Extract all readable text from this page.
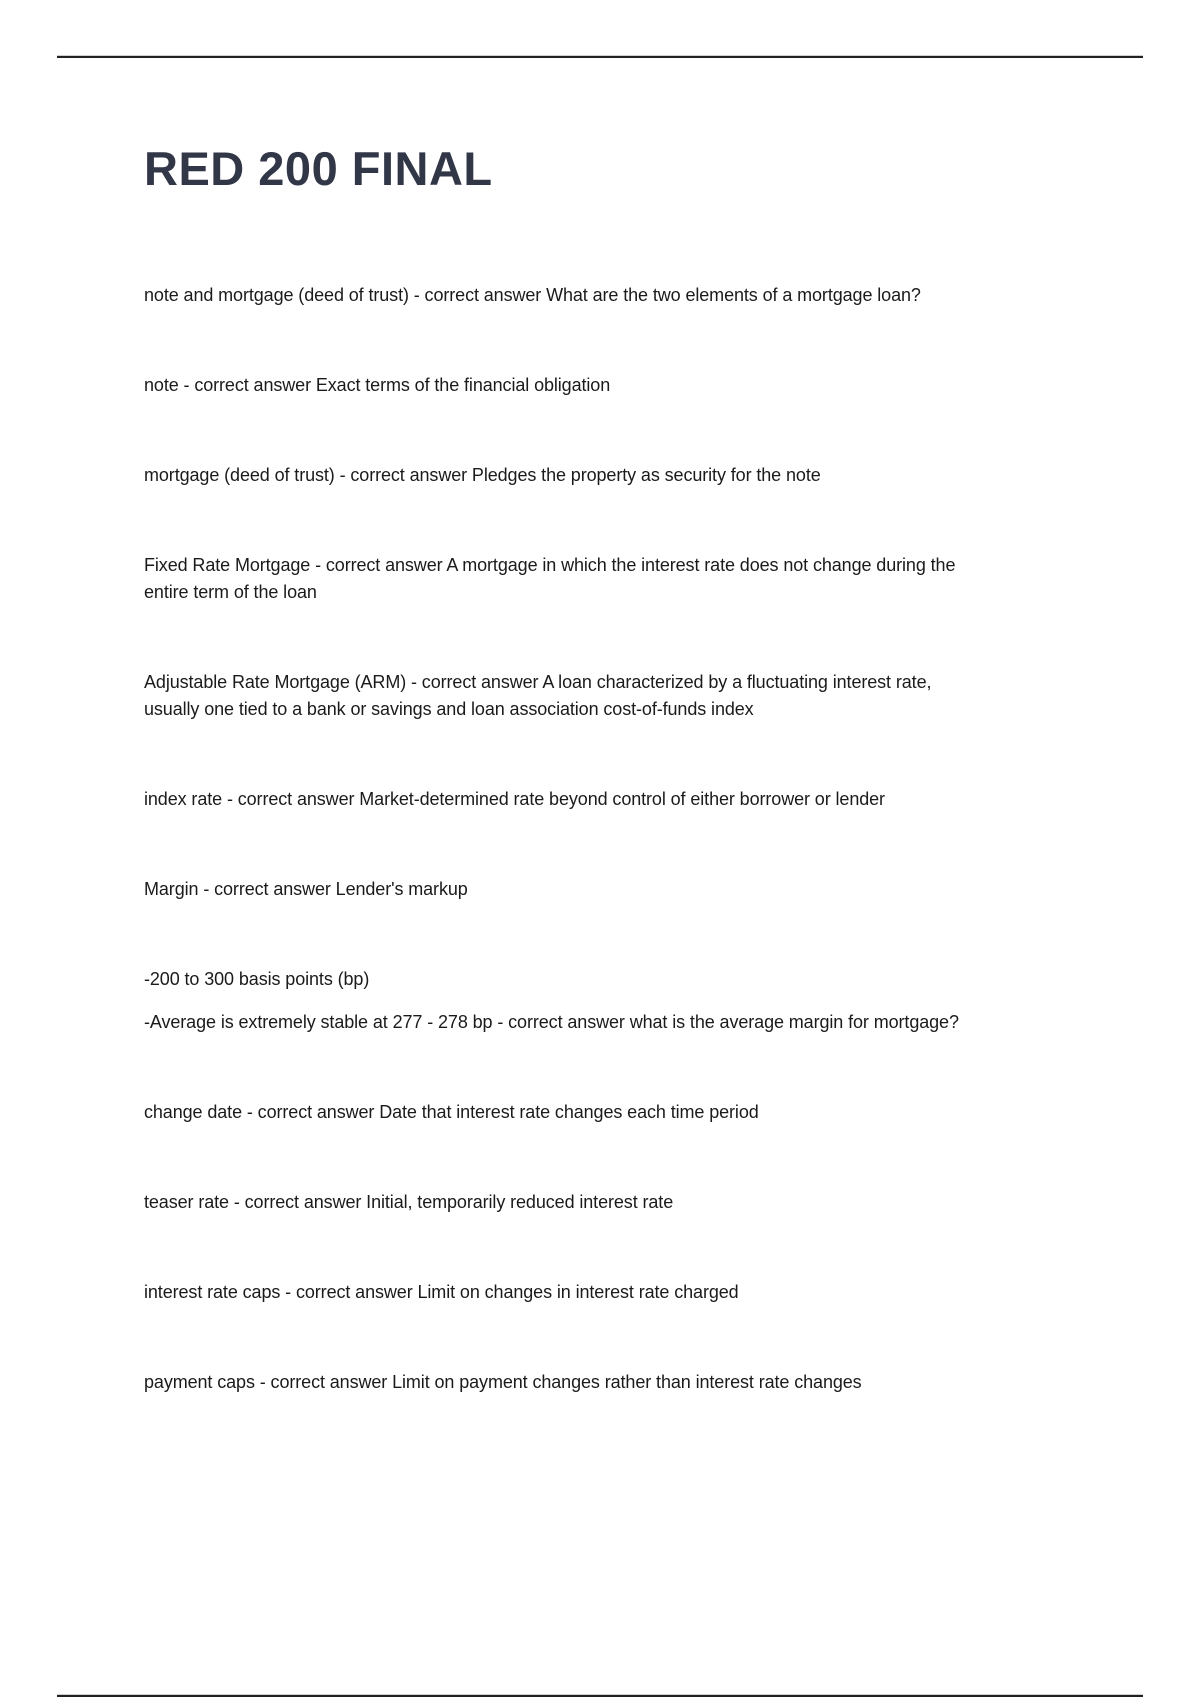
RED 200 FINAL
note and mortgage (deed of trust) - correct answer What are the two elements of a mortgage loan?
note - correct answer Exact terms of the financial obligation
mortgage (deed of trust) - correct answer Pledges the property as security for the note
Fixed Rate Mortgage - correct answer A mortgage in which the interest rate does not change during the
entire term of the loan
Adjustable Rate Mortgage (ARM) - correct answer A loan characterized by a fluctuating interest rate,
usually one tied to a bank or savings and loan association cost-of-funds index
index rate - correct answer Market-determined rate beyond control of either borrower or lender
Margin - correct answer Lender's markup
-200 to 300 basis points (bp)
-Average is extremely stable at 277 - 278 bp - correct answer what is the average margin for mortgage?
change date - correct answer Date that interest rate changes each time period
teaser rate - correct answer Initial, temporarily reduced interest rate
interest rate caps - correct answer Limit on changes in interest rate charged
payment caps - correct answer Limit on payment changes rather than interest rate changes
